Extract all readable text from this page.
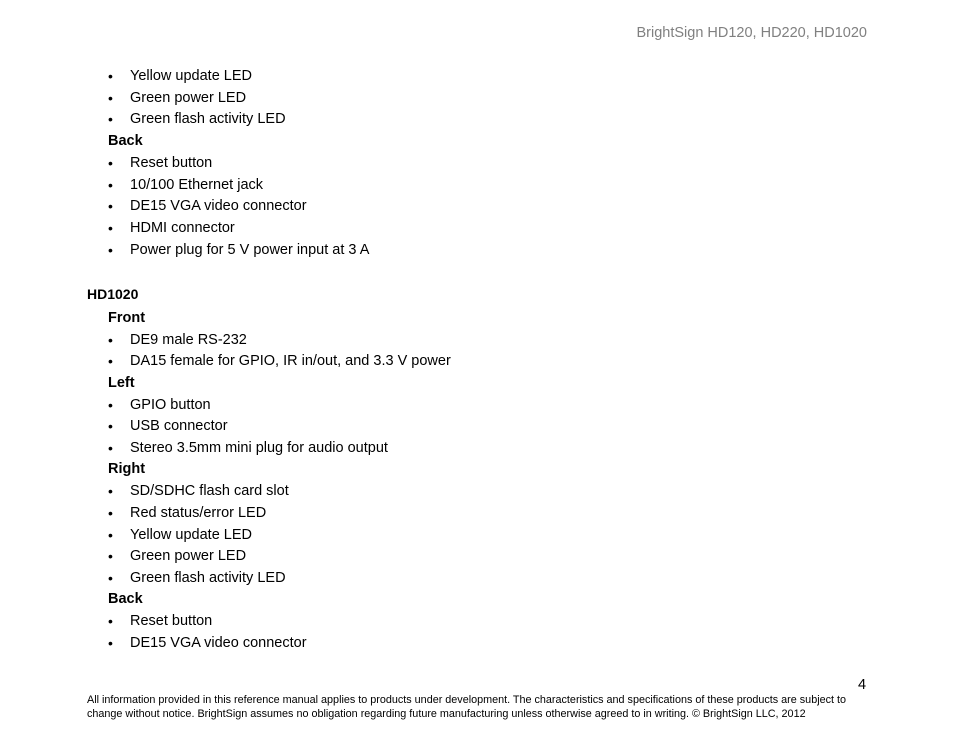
BrightSign HD120, HD220, HD1020
• Yellow update LED
• Green power LED
• Green flash activity LED
Back
• Reset button
• 10/100 Ethernet jack
• DE15 VGA video connector
• HDMI connector
• Power plug for 5 V power input at 3 A
HD1020
Front
• DE9 male RS-232
• DA15 female for GPIO, IR in/out, and 3.3 V power
Left
• GPIO button
• USB connector
• Stereo 3.5mm mini plug for audio output
Right
• SD/SDHC flash card slot
• Red status/error LED
• Yellow update LED
• Green power LED
• Green flash activity LED
Back
• Reset button
• DE15 VGA video connector
4
All information provided in this reference manual applies to products under development. The characteristics and specifications of these products are subject to change without notice. BrightSign assumes no obligation regarding future manufacturing unless otherwise agreed to in writing. © BrightSign LLC, 2012
